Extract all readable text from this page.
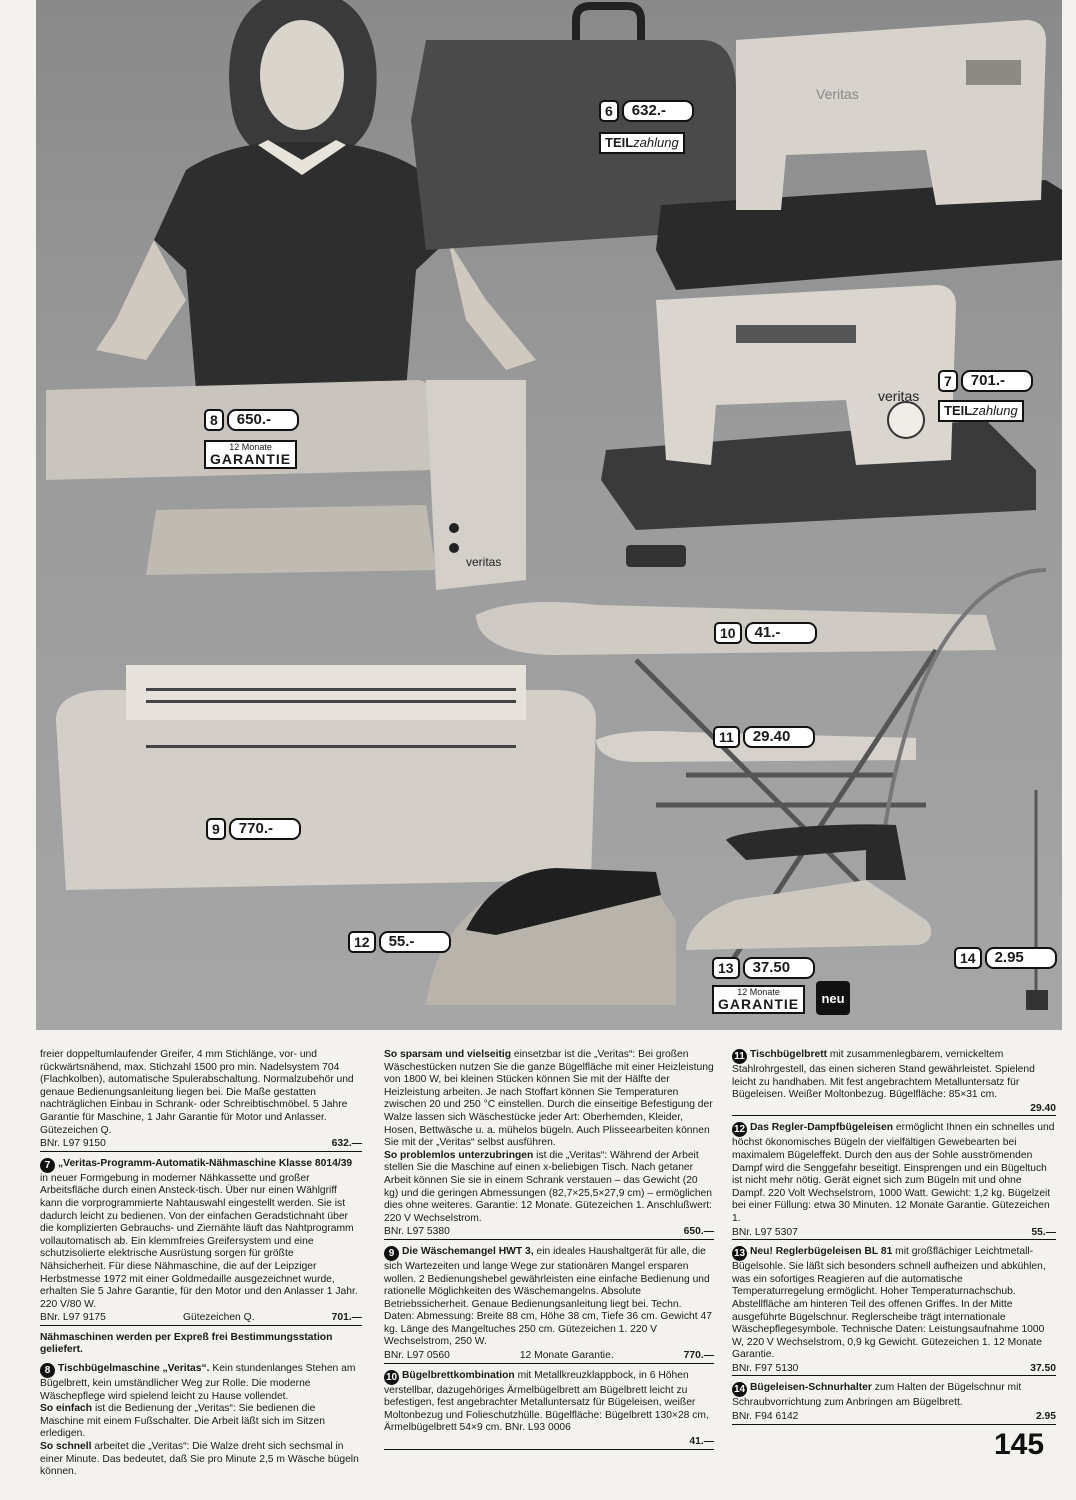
6	632.-
TEILzahlung
7	701.-
TEILzahlung
8	650.-
12 Monate
GARANTIE
veritas
veritas
Veritas
9	770.-
10	41.-
11	29.40
12	55.-
13	37.50
12 Monate
GARANTIE	neu
14	2.95

freier doppeltumlaufender Greifer, 4 mm Stichlänge, vor- und rückwärtsnähend, max. Stichzahl 1500 pro min. Nadelsystem 704 (Flachkolben), automatische Spulerabschaltung. Normalzubehör und genaue Bedienungsanleitung liegen bei. Die Maße gestatten nachträglichen Einbau in Schrank- oder Schreibtischmöbel. 5 Jahre Garantie für Maschine, 1 Jahr Garantie für Motor und Anlasser. Gütezeichen Q.

BNr. L97 9150	632.—

7 „Veritas-Programm-Automatik-Nähmaschine Klasse 8014/39 in neuer Formgebung in moderner Nähkassette und großer Arbeitsfläche durch einen Ansteck-tisch. Über nur einen Wählgriff kann die vorprogrammierte Nahtauswahl eingestellt werden. Sie ist dadurch leicht zu bedienen. Von der einfachen Geradstichnaht über die komplizierten Gebrauchs- und Ziernähte läuft das Nahtprogramm vollautomatisch ab. Ein klemmfreies Greifersystem und eine schutzisolierte elektrische Ausrüstung sorgen für größte Nähsicherheit. Für diese Nähmaschine, die auf der Leipziger Herbstmesse 1972 mit einer Goldmedaille ausgezeichnet wurde, erhalten Sie 5 Jahre Garantie, für den Motor und den Anlasser 1 Jahr. 220 V/80 W.

BNr. L97 9175	Gütezeichen Q.	701.—

Nähmaschinen werden per Expreß frei Bestimmungsstation geliefert.

8 Tischbügelmaschine „Veritas“. Kein stundenlanges Stehen am Bügelbrett, kein umständlicher Weg zur Rolle. Die moderne Wäschepflege wird spielend leicht zu Hause vollendet.

So einfach ist die Bedienung der „Veritas“: Sie bedienen die Maschine mit einem Fußschalter. Die Arbeit läßt sich im Sitzen erledigen.

So schnell arbeitet die „Veritas“: Die Walze dreht sich sechsmal in einer Minute. Das bedeutet, daß Sie pro Minute 2,5 m Wäsche bügeln können.

So sparsam und vielseitig einsetzbar ist die „Veritas“: Bei großen Wäschestücken nutzen Sie die ganze Bügelfläche mit einer Heizleistung von 1800 W, bei kleinen Stücken können Sie mit der Hälfte der Heizleistung arbeiten. Je nach Stoffart können Sie Temperaturen zwischen 20 und 250 °C einstellen. Durch die einseitige Befestigung der Walze lassen sich Wäschestücke jeder Art: Oberhemden, Kleider, Hosen, Bettwäsche u. a. mühelos bügeln. Auch Plisseearbeiten können Sie mit der „Veritas“ selbst ausführen.

So problemlos unterzubringen ist die „Veritas“: Während der Arbeit stellen Sie die Maschine auf einen x-beliebigen Tisch. Nach getaner Arbeit können Sie sie in einem Schrank verstauen – das Gewicht (20 kg) und die geringen Abmessungen (82,7×25,5×27,9 cm) – ermöglichen dies ohne weiteres. Garantie: 12 Monate. Gütezeichen 1. Anschlußwert: 220 V Wechselstrom.

BNr. L97 5380	650.—

9 Die Wäschemangel HWT 3, ein ideales Haushaltgerät für alle, die sich Wartezeiten und lange Wege zur stationären Mangel ersparen wollen. 2 Bedienungshebel gewährleisten eine einfache Bedienung und rationelle Möglichkeiten des Wäschemangelns. Absolute Betriebssicherheit. Genaue Bedienungsanleitung liegt bei. Techn. Daten: Abmessung: Breite 88 cm, Höhe 38 cm, Tiefe 36 cm. Gewicht 47 kg. Länge des Mangeltuches 250 cm. Gütezeichen 1. 220 V Wechselstrom, 250 W.

BNr. L97 0560	12 Monate Garantie.	770.—

10 Bügelbrettkombination mit Metallkreuzklappbock, in 6 Höhen verstellbar, dazugehöriges Ärmelbügelbrett am Bügelbrett leicht zu befestigen, fest angebrachter Metalluntersatz für Bügeleisen, weißer Moltonbezug und Folieschutzhülle. Bügelfläche: Bügelbrett 130×28 cm, Ärmelbügelbrett 54×9 cm. BNr. L93 0006

41.—

11 Tischbügelbrett mit zusammenlegbarem, vernickeltem Stahlrohrgestell, das einen sicheren Stand gewährleistet. Spielend leicht zu handhaben. Mit fest angebrachtem Metalluntersatz für Bügeleisen. Weißer Moltonbezug. Bügelfläche: 85×31 cm.

29.40

12 Das Regler-Dampfbügeleisen ermöglicht Ihnen ein schnelles und höchst ökonomisches Bügeln der vielfältigen Gewebearten bei maximalem Bügeleffekt. Durch den aus der Sohle ausströmenden Dampf wird die Senggefahr beseitigt. Einsprengen und ein Bügeltuch ist nicht mehr nötig. Gerät eignet sich zum Bügeln mit und ohne Dampf. 220 Volt Wechselstrom, 1000 Watt. Gewicht: 1,2 kg. Bügelzeit bei einer Füllung: etwa 30 Minuten. 12 Monate Garantie. Gütezeichen 1.

BNr. L97 5307	55.—

13 Neu! Reglerbügeleisen BL 81 mit großflächiger Leichtmetall-Bügelsohle. Sie läßt sich besonders schnell aufheizen und abkühlen, was ein sofortiges Reagieren auf die automatische Temperaturregelung ermöglicht. Hoher Temperaturnachschub. Abstellfläche am hinteren Teil des offenen Griffes. In der Mitte ausgeführte Bügelschnur. Reglerscheibe trägt internationale Wäschepflegesymbole. Technische Daten: Leistungsaufnahme 1000 W, 220 V Wechselstrom, 0,9 kg Gewicht. Gütezeichen 1. 12 Monate Garantie.

BNr. F97 5130	37.50

14 Bügeleisen-Schnurhalter zum Halten der Bügelschnur mit Schraubvorrichtung zum Anbringen am Bügelbrett.

BNr. F94 6142	2.95
145
